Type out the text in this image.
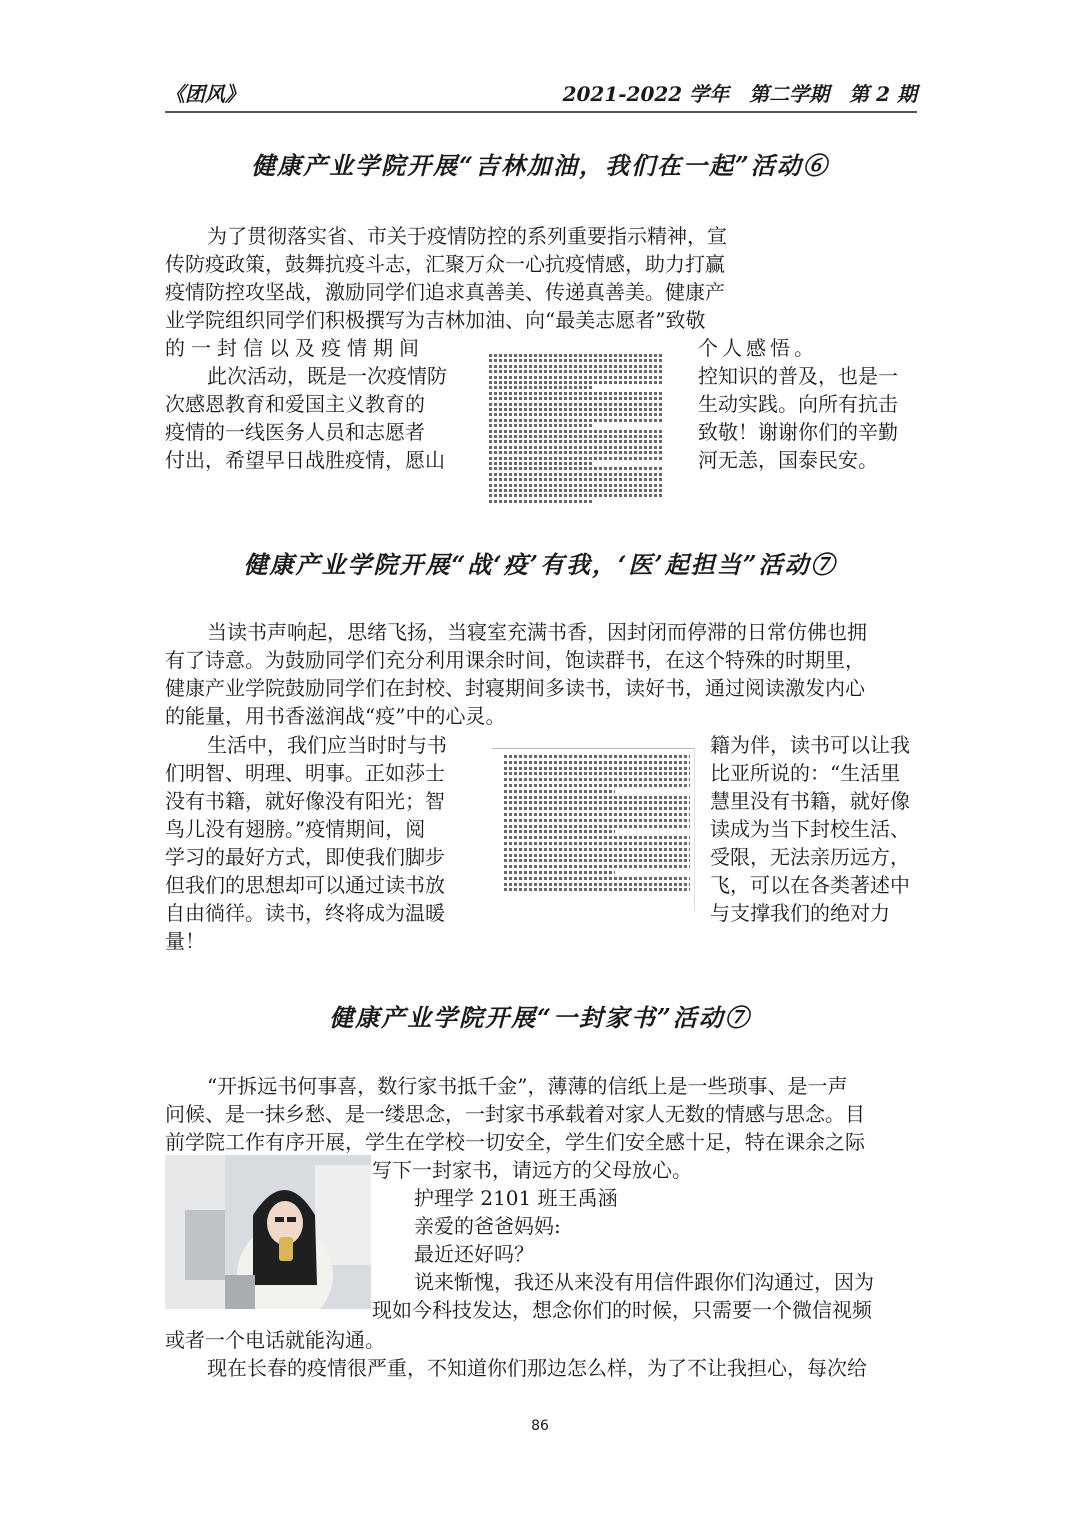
《团风》	2021-2022 学年　第二学期　第 2 期
健康产业学院开展“吉林加油，我们在一起”活动⑥
为了贯彻落实省、市关于疫情防控的系列重要指示精神，宣
传防疫政策，鼓舞抗疫斗志，汇聚万众一心抗疫情感，助力打赢
疫情防控攻坚战，激励同学们追求真善美、传递真善美。健康产
业学院组织同学们积极撰写为吉林加油、向“最美志愿者”致敬
的一封信以及疫情期间
此次活动，既是一次疫情防
次感恩教育和爱国主义教育的
疫情的一线医务人员和志愿者
付出，希望早日战胜疫情，愿山
个人感悟。
控知识的普及，也是一
生动实践。向所有抗击
致敬！谢谢你们的辛勤
河无恙，国泰民安。
健康产业学院开展“战‘疫’有我，‘医’起担当”活动⑦
当读书声响起，思绪飞扬，当寝室充满书香，因封闭而停滞的日常仿佛也拥
有了诗意。为鼓励同学们充分利用课余时间，饱读群书，在这个特殊的时期里，
健康产业学院鼓励同学们在封校、封寝期间多读书，读好书，通过阅读激发内心
的能量，用书香滋润战“疫”中的心灵。
生活中，我们应当时时与书
们明智、明理、明事。正如莎士
没有书籍，就好像没有阳光；智
鸟儿没有翅膀。”疫情期间，阅
学习的最好方式，即使我们脚步
但我们的思想却可以通过读书放
自由徜徉。读书，终将成为温暖
量！
籍为伴，读书可以让我
比亚所说的：“生活里
慧里没有书籍，就好像
读成为当下封校生活、
受限，无法亲历远方，
飞，可以在各类著述中
与支撑我们的绝对力
健康产业学院开展“一封家书”活动⑦
“开拆远书何事喜，数行家书抵千金”，薄薄的信纸上是一些琐事、是一声
问候、是一抹乡愁、是一缕思念，一封家书承载着对家人无数的情感与思念。目
前学院工作有序开展，学生在学校一切安全，学生们安全感十足，特在课余之际
写下一封家书，请远方的父母放心。
护理学 2101 班王禹涵
亲爱的爸爸妈妈:
最近还好吗？
说来惭愧，我还从来没有用信件跟你们沟通过，因为
现如今科技发达，想念你们的时候，只需要一个微信视频
或者一个电话就能沟通。
现在长春的疫情很严重，不知道你们那边怎么样，为了不让我担心，每次给
86
